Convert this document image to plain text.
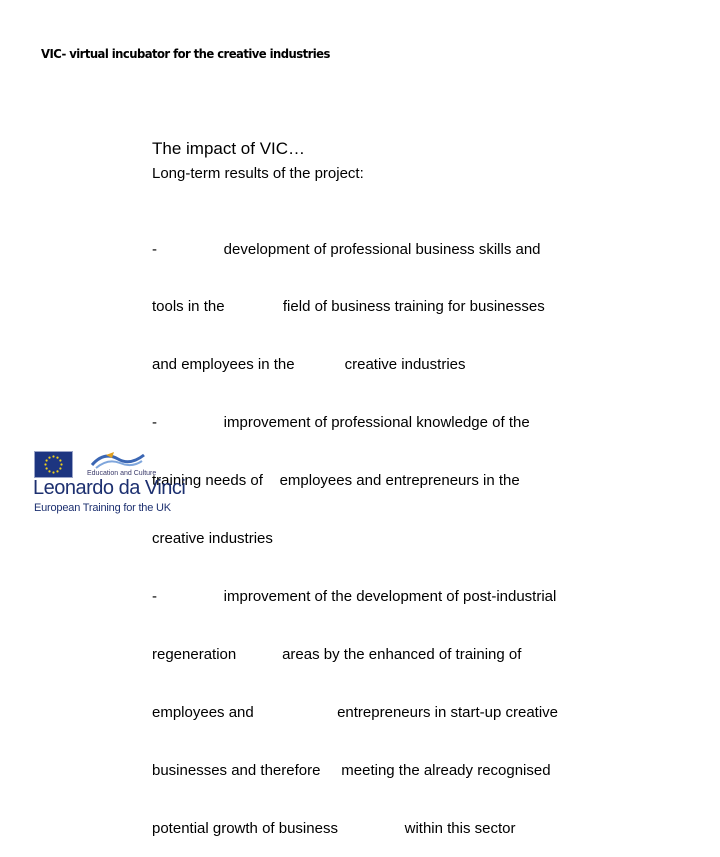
VIC- virtual incubator for the creative industries
The impact of VIC…
Long-term results of the project:

-                development of professional business skills and

tools in the              field of business training for businesses

and employees in the            creative industries

-                improvement of professional knowledge of the

training needs of    employees and entrepreneurs in the

creative industries

-                improvement of the development of post-industrial

regeneration           areas by the enhanced of training of

employees and                    entrepreneurs in start-up creative

businesses and therefore     meeting the already recognised

potential growth of business                within this sector

Education and Culture
Leonardo da Vinci
European Training for the UK
